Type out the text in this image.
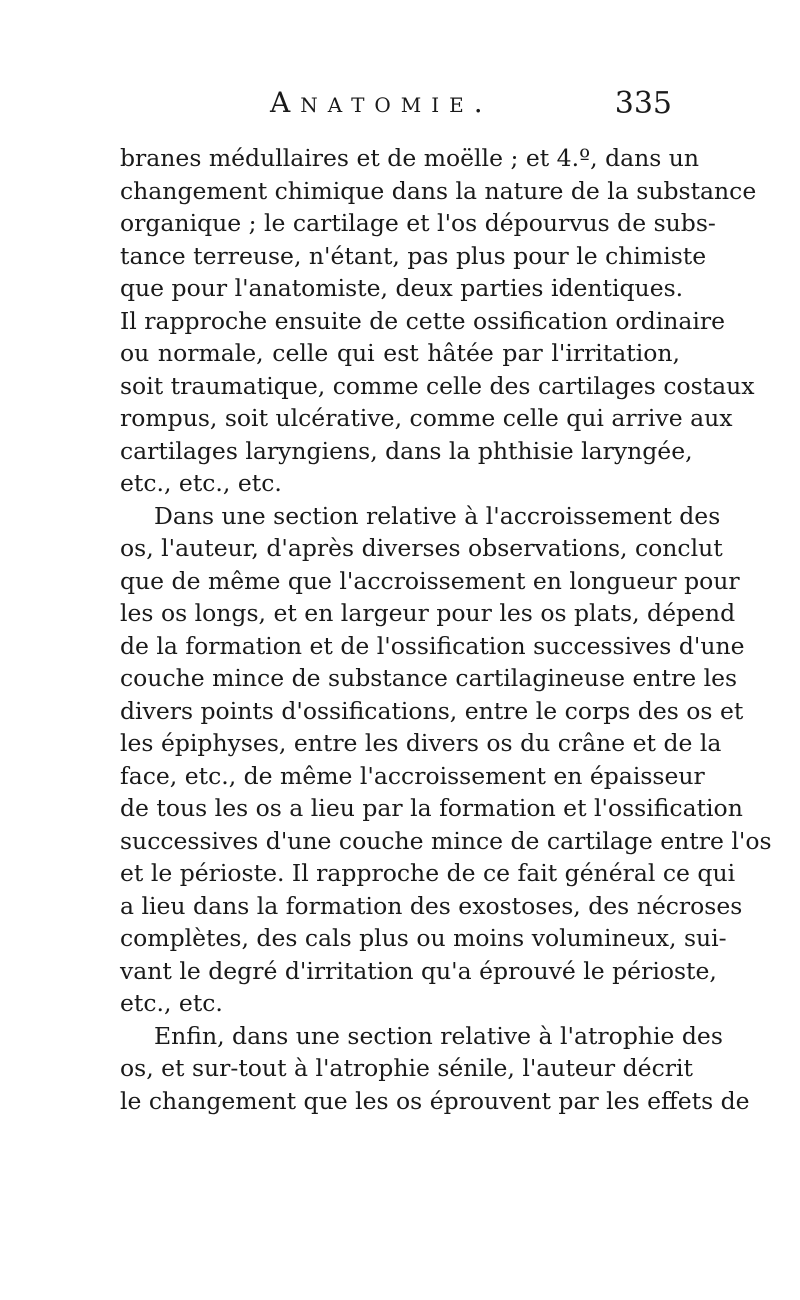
Anatomie.	335
branes médullaires et de moëlle ; et 4.º, dans un
changement chimique dans la nature de la substance
organique ; le cartilage et l'os dépourvus de subs-
tance terreuse, n'étant, pas plus pour le chimiste
que pour l'anatomiste, deux parties identiques.
Il rapproche ensuite de cette ossification ordinaire
ou normale, celle qui est hâtée par l'irritation,
soit traumatique, comme celle des cartilages costaux
rompus, soit ulcérative, comme celle qui arrive aux
cartilages laryngiens, dans la phthisie laryngée,
etc., etc., etc.
Dans une section relative à l'accroissement des
os, l'auteur, d'après diverses observations, conclut
que de même que l'accroissement en longueur pour
les os longs, et en largeur pour les os plats, dépend
de la formation et de l'ossification successives d'une
couche mince de substance cartilagineuse entre les
divers points d'ossifications, entre le corps des os et
les épiphyses, entre les divers os du crâne et de la
face, etc., de même l'accroissement en épaisseur
de tous les os a lieu par la formation et l'ossification
successives d'une couche mince de cartilage entre l'os
et le périoste. Il rapproche de ce fait général ce qui
a lieu dans la formation des exostoses, des nécroses
complètes, des cals plus ou moins volumineux, sui-
vant le degré d'irritation qu'a éprouvé le périoste,
etc., etc.
Enfin, dans une section relative à l'atrophie des
os, et sur-tout à l'atrophie sénile, l'auteur décrit
le changement que les os éprouvent par les effets de
